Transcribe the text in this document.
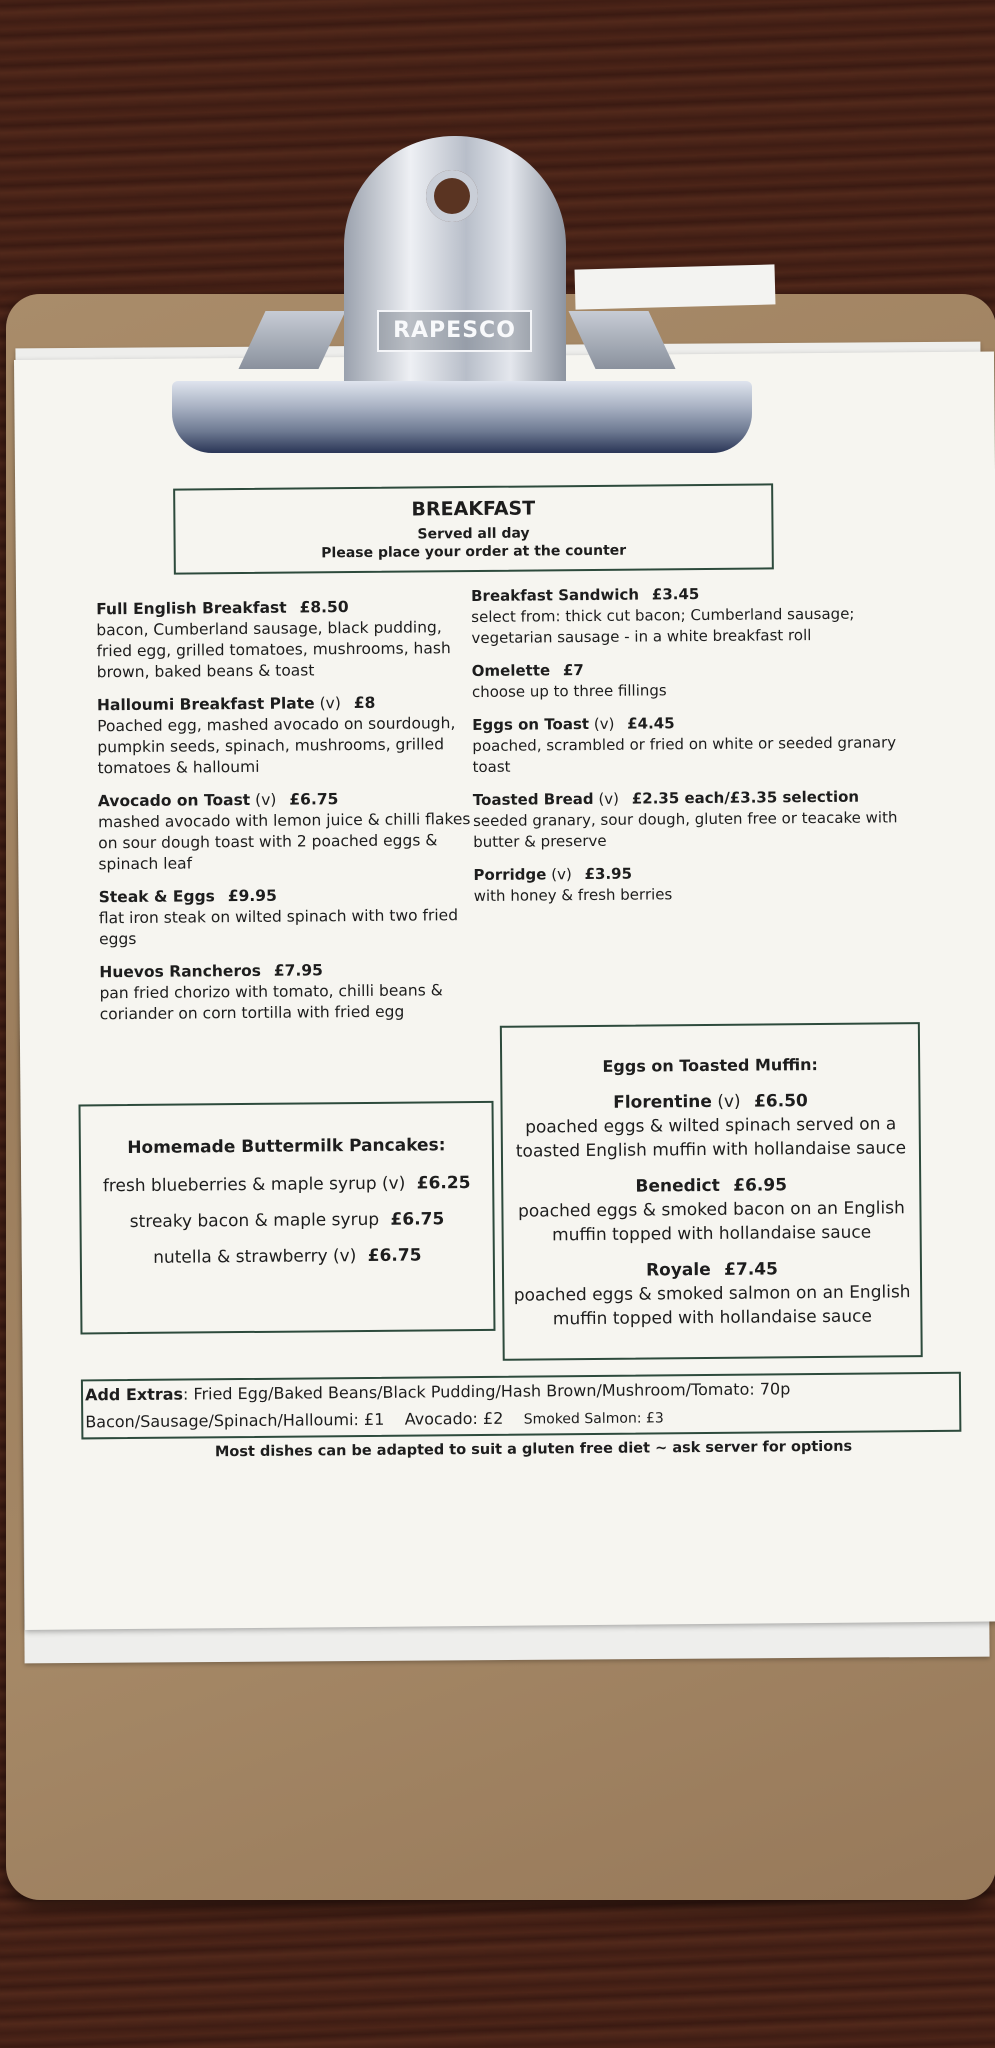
BREAKFAST
Served all day
Please place your order at the counter
Full English Breakfast £8.50
bacon, Cumberland sausage, black pudding, fried egg, grilled tomatoes, mushrooms, hash brown, baked beans & toast
Halloumi Breakfast Plate (v) £8
Poached egg, mashed avocado on sourdough, pumpkin seeds, spinach, mushrooms, grilled tomatoes & halloumi
Avocado on Toast (v) £6.75
mashed avocado with lemon juice & chilli flakes on sour dough toast with 2 poached eggs & spinach leaf
Steak & Eggs £9.95
flat iron steak on wilted spinach with two fried eggs
Huevos Rancheros £7.95
pan fried chorizo with tomato, chilli beans & coriander on corn tortilla with fried egg
Breakfast Sandwich £3.45
select from: thick cut bacon; Cumberland sausage; vegetarian sausage - in a white breakfast roll
Omelette £7
choose up to three fillings
Eggs on Toast (v) £4.45
poached, scrambled or fried on white or seeded granary toast
Toasted Bread (v) £2.35 each/£3.35 selection
seeded granary, sour dough, gluten free or teacake with butter & preserve
Porridge (v) £3.95
with honey & fresh berries
Eggs on Toasted Muffin:
Florentine (v) £6.50
poached eggs & wilted spinach served on a toasted English muffin with hollandaise sauce
Benedict £6.95
poached eggs & smoked bacon on an English muffin topped with hollandaise sauce
Royale £7.45
poached eggs & smoked salmon on an English muffin topped with hollandaise sauce
Homemade Buttermilk Pancakes:
fresh blueberries & maple syrup (v) £6.25
streaky bacon & maple syrup £6.75
nutella & strawberry (v) £6.75
Add Extras: Fried Egg/Baked Beans/Black Pudding/Hash Brown/Mushroom/Tomato: 70p
Bacon/Sausage/Spinach/Halloumi: £1 Avocado: £2 Smoked Salmon: £3
Most dishes can be adapted to suit a gluten free diet ~ ask server for options
RAPESCO
